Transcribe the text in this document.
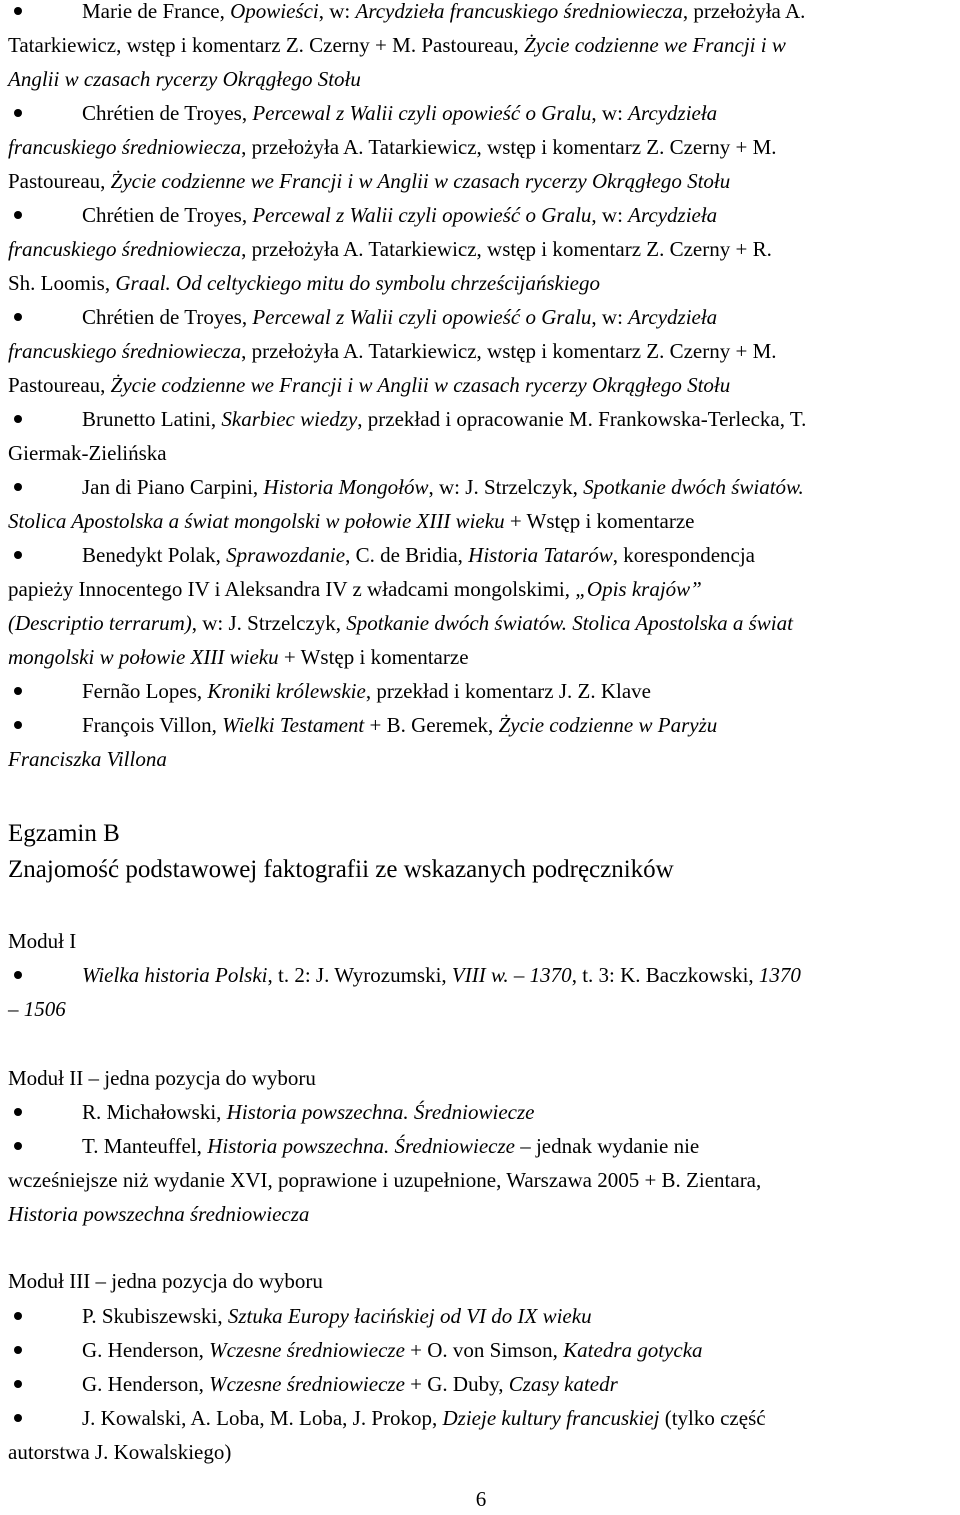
Marie de France, Opowieści, w: Arcydzieła francuskiego średniowiecza, przełożyła A.
Tatarkiewicz, wstęp i komentarz Z. Czerny + M. Pastoureau, Życie codzienne we Francji i w
Anglii w czasach rycerzy Okrągłego Stołu
Chrétien de Troyes, Percewal z Walii czyli opowieść o Gralu, w: Arcydzieła
francuskiego średniowiecza, przełożyła A. Tatarkiewicz, wstęp i komentarz Z. Czerny + M.
Pastoureau, Życie codzienne we Francji i w Anglii w czasach rycerzy Okrągłego Stołu
Chrétien de Troyes, Percewal z Walii czyli opowieść o Gralu, w: Arcydzieła
francuskiego średniowiecza, przełożyła A. Tatarkiewicz, wstęp i komentarz Z. Czerny + R.
Sh. Loomis, Graal. Od celtyckiego mitu do symbolu chrześcijańskiego
Chrétien de Troyes, Percewal z Walii czyli opowieść o Gralu, w: Arcydzieła
francuskiego średniowiecza, przełożyła A. Tatarkiewicz, wstęp i komentarz Z. Czerny + M.
Pastoureau, Życie codzienne we Francji i w Anglii w czasach rycerzy Okrągłego Stołu
Brunetto Latini, Skarbiec wiedzy, przekład i opracowanie M. Frankowska-Terlecka, T.
Giermak-Zielińska
Jan di Piano Carpini, Historia Mongołów, w: J. Strzelczyk, Spotkanie dwóch światów.
Stolica Apostolska a świat mongolski w połowie XIII wieku + Wstęp i komentarze
Benedykt Polak, Sprawozdanie, C. de Bridia, Historia Tatarów, korespondencja
papieży Innocentego IV i Aleksandra IV z władcami mongolskimi, „Opis krajów”
(Descriptio terrarum), w: J. Strzelczyk, Spotkanie dwóch światów. Stolica Apostolska a świat
mongolski w połowie XIII wieku + Wstęp i komentarze
Fernão Lopes, Kroniki królewskie, przekład i komentarz J. Z. Klave
François Villon, Wielki Testament + B. Geremek, Życie codzienne w Paryżu
Franciszka Villona
Egzamin B
Znajomość podstawowej faktografii ze wskazanych podręczników
Moduł I
Wielka historia Polski, t. 2: J. Wyrozumski, VIII w. – 1370, t. 3: K. Baczkowski, 1370
– 1506
Moduł II – jedna pozycja do wyboru
R. Michałowski, Historia powszechna. Średniowiecze
T. Manteuffel, Historia powszechna. Średniowiecze – jednak wydanie nie
wcześniejsze niż wydanie XVI, poprawione i uzupełnione, Warszawa 2005 + B. Zientara,
Historia powszechna średniowiecza
Moduł III – jedna pozycja do wyboru
P. Skubiszewski, Sztuka Europy łacińskiej od VI do IX wieku
G. Henderson, Wczesne średniowiecze + O. von Simson, Katedra gotycka
G. Henderson, Wczesne średniowiecze + G. Duby, Czasy katedr
J. Kowalski, A. Loba, M. Loba, J. Prokop, Dzieje kultury francuskiej (tylko część
autorstwa J. Kowalskiego)
6
